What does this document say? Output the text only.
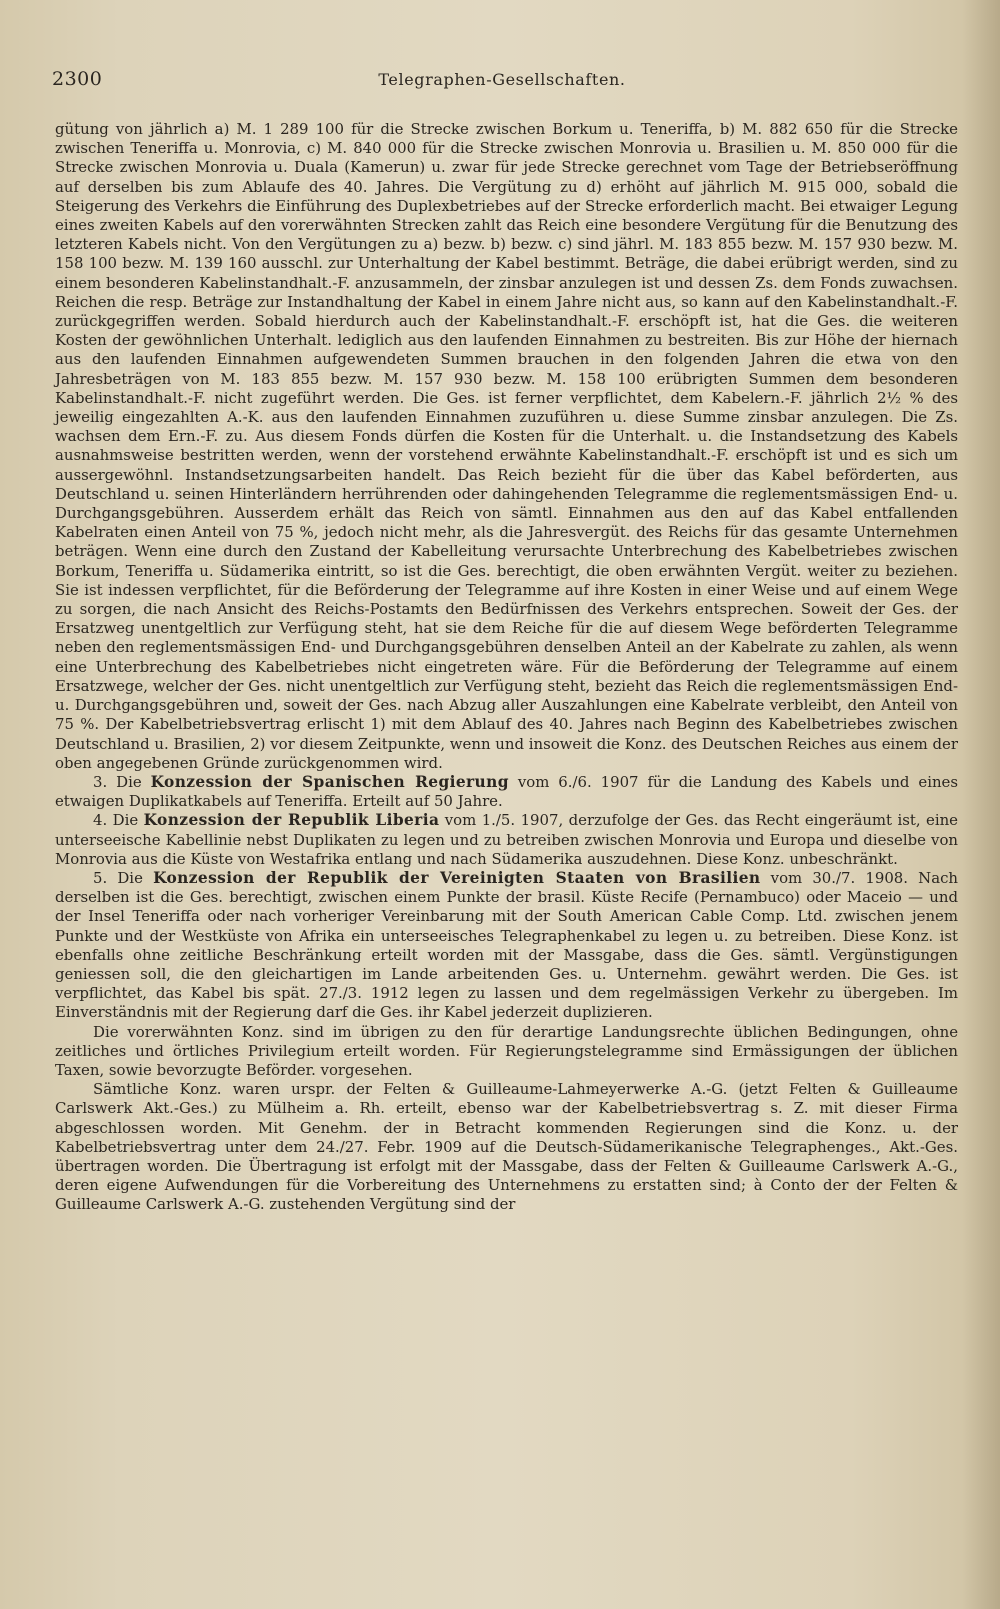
2300	Telegraphen-Gesellschaften.

gütung von jährlich a) M. 1 289 100 für die Strecke zwischen Borkum u. Teneriffa, b) M. 882 650 für die Strecke zwischen Teneriffa u. Monrovia, c) M. 840 000 für die Strecke zwischen Monrovia u. Brasilien u. M. 850 000 für die Strecke zwischen Monrovia u. Duala (Kamerun) u. zwar für jede Strecke gerechnet vom Tage der Betriebseröffnung auf derselben bis zum Ablaufe des 40. Jahres. Die Vergütung zu d) erhöht auf jährlich M. 915 000, sobald die Steigerung des Verkehrs die Einführung des Duplexbetriebes auf der Strecke erforderlich macht. Bei etwaiger Legung eines zweiten Kabels auf den vorerwähnten Strecken zahlt das Reich eine besondere Vergütung für die Benutzung des letzteren Kabels nicht. Von den Vergütungen zu a) bezw. b) bezw. c) sind jährl. M. 183 855 bezw. M. 157 930 bezw. M. 158 100 bezw. M. 139 160 ausschl. zur Unterhaltung der Kabel bestimmt. Beträge, die dabei erübrigt werden, sind zu einem besonderen Kabelinstandhalt.-F. anzusammeln, der zinsbar anzulegen ist und dessen Zs. dem Fonds zuwachsen. Reichen die resp. Beträge zur Instandhaltung der Kabel in einem Jahre nicht aus, so kann auf den Kabelinstandhalt.-F. zurückgegriffen werden. Sobald hierdurch auch der Kabelinstandhalt.-F. erschöpft ist, hat die Ges. die weiteren Kosten der gewöhnlichen Unterhalt. lediglich aus den laufenden Einnahmen zu bestreiten. Bis zur Höhe der hiernach aus den laufenden Einnahmen aufgewendeten Summen brauchen in den folgenden Jahren die etwa von den Jahresbeträgen von M. 183 855 bezw. M. 157 930 bezw. M. 158 100 erübrigten Summen dem besonderen Kabelinstandhalt.-F. nicht zugeführt werden. Die Ges. ist ferner verpflichtet, dem Kabelern.-F. jährlich 2½ % des jeweilig eingezahlten A.-K. aus den laufenden Einnahmen zuzuführen u. diese Summe zinsbar anzulegen. Die Zs. wachsen dem Ern.-F. zu. Aus diesem Fonds dürfen die Kosten für die Unterhalt. u. die Instandsetzung des Kabels ausnahmsweise bestritten werden, wenn der vorstehend erwähnte Kabelinstandhalt.-F. erschöpft ist und es sich um aussergewöhnl. Instandsetzungsarbeiten handelt. Das Reich bezieht für die über das Kabel beförderten, aus Deutschland u. seinen Hinterländern herrührenden oder dahingehenden Telegramme die reglementsmässigen End- u. Durchgangsgebühren. Ausserdem erhält das Reich von sämtl. Einnahmen aus den auf das Kabel entfallenden Kabelraten einen Anteil von 75 %, jedoch nicht mehr, als die Jahresvergüt. des Reichs für das gesamte Unternehmen beträgen. Wenn eine durch den Zustand der Kabelleitung verursachte Unterbrechung des Kabelbetriebes zwischen Borkum, Teneriffa u. Südamerika eintritt, so ist die Ges. berechtigt, die oben erwähnten Vergüt. weiter zu beziehen. Sie ist indessen verpflichtet, für die Beförderung der Telegramme auf ihre Kosten in einer Weise und auf einem Wege zu sorgen, die nach Ansicht des Reichs-Postamts den Bedürfnissen des Verkehrs entsprechen. Soweit der Ges. der Ersatzweg unentgeltlich zur Verfügung steht, hat sie dem Reiche für die auf diesem Wege beförderten Telegramme neben den reglementsmässigen End- und Durchgangsgebühren denselben Anteil an der Kabelrate zu zahlen, als wenn eine Unterbrechung des Kabelbetriebes nicht eingetreten wäre. Für die Beförderung der Telegramme auf einem Ersatzwege, welcher der Ges. nicht unentgeltlich zur Verfügung steht, bezieht das Reich die reglementsmässigen End- u. Durchgangsgebühren und, soweit der Ges. nach Abzug aller Auszahlungen eine Kabelrate verbleibt, den Anteil von 75 %. Der Kabelbetriebsvertrag erlischt 1) mit dem Ablauf des 40. Jahres nach Beginn des Kabelbetriebes zwischen Deutschland u. Brasilien, 2) vor diesem Zeitpunkte, wenn und insoweit die Konz. des Deutschen Reiches aus einem der oben angegebenen Gründe zurückgenommen wird.

3. Die Konzession der Spanischen Regierung vom 6./6. 1907 für die Landung des Kabels und eines etwaigen Duplikatkabels auf Teneriffa. Erteilt auf 50 Jahre.

4. Die Konzession der Republik Liberia vom 1./5. 1907, derzufolge der Ges. das Recht eingeräumt ist, eine unterseeische Kabellinie nebst Duplikaten zu legen und zu betreiben zwischen Monrovia und Europa und dieselbe von Monrovia aus die Küste von Westafrika entlang und nach Südamerika auszudehnen. Diese Konz. unbeschränkt.

5. Die Konzession der Republik der Vereinigten Staaten von Brasilien vom 30./7. 1908. Nach derselben ist die Ges. berechtigt, zwischen einem Punkte der brasil. Küste Recife (Pernambuco) oder Maceio — und der Insel Teneriffa oder nach vorheriger Vereinbarung mit der South American Cable Comp. Ltd. zwischen jenem Punkte und der Westküste von Afrika ein unterseeisches Telegraphenkabel zu legen u. zu betreiben. Diese Konz. ist ebenfalls ohne zeitliche Beschränkung erteilt worden mit der Massgabe, dass die Ges. sämtl. Vergünstigungen geniessen soll, die den gleichartigen im Lande arbeitenden Ges. u. Unternehm. gewährt werden. Die Ges. ist verpflichtet, das Kabel bis spät. 27./3. 1912 legen zu lassen und dem regelmässigen Verkehr zu übergeben. Im Einverständnis mit der Regierung darf die Ges. ihr Kabel jederzeit duplizieren.

Die vorerwähnten Konz. sind im übrigen zu den für derartige Landungsrechte üblichen Bedingungen, ohne zeitliches und örtliches Privilegium erteilt worden. Für Regierungstelegramme sind Ermässigungen der üblichen Taxen, sowie bevorzugte Beförder. vorgesehen.

Sämtliche Konz. waren urspr. der Felten & Guilleaume-Lahmeyerwerke A.-G. (jetzt Felten & Guilleaume Carlswerk Akt.-Ges.) zu Mülheim a. Rh. erteilt, ebenso war der Kabelbetriebsvertrag s. Z. mit dieser Firma abgeschlossen worden. Mit Genehm. der in Betracht kommenden Regierungen sind die Konz. u. der Kabelbetriebsvertrag unter dem 24./27. Febr. 1909 auf die Deutsch-Südamerikanische Telegraphenges., Akt.-Ges. übertragen worden. Die Übertragung ist erfolgt mit der Massgabe, dass der Felten & Guilleaume Carlswerk A.-G., deren eigene Aufwendungen für die Vorbereitung des Unternehmens zu erstatten sind; à Conto der der Felten & Guilleaume Carlswerk A.-G. zustehenden Vergütung sind der
